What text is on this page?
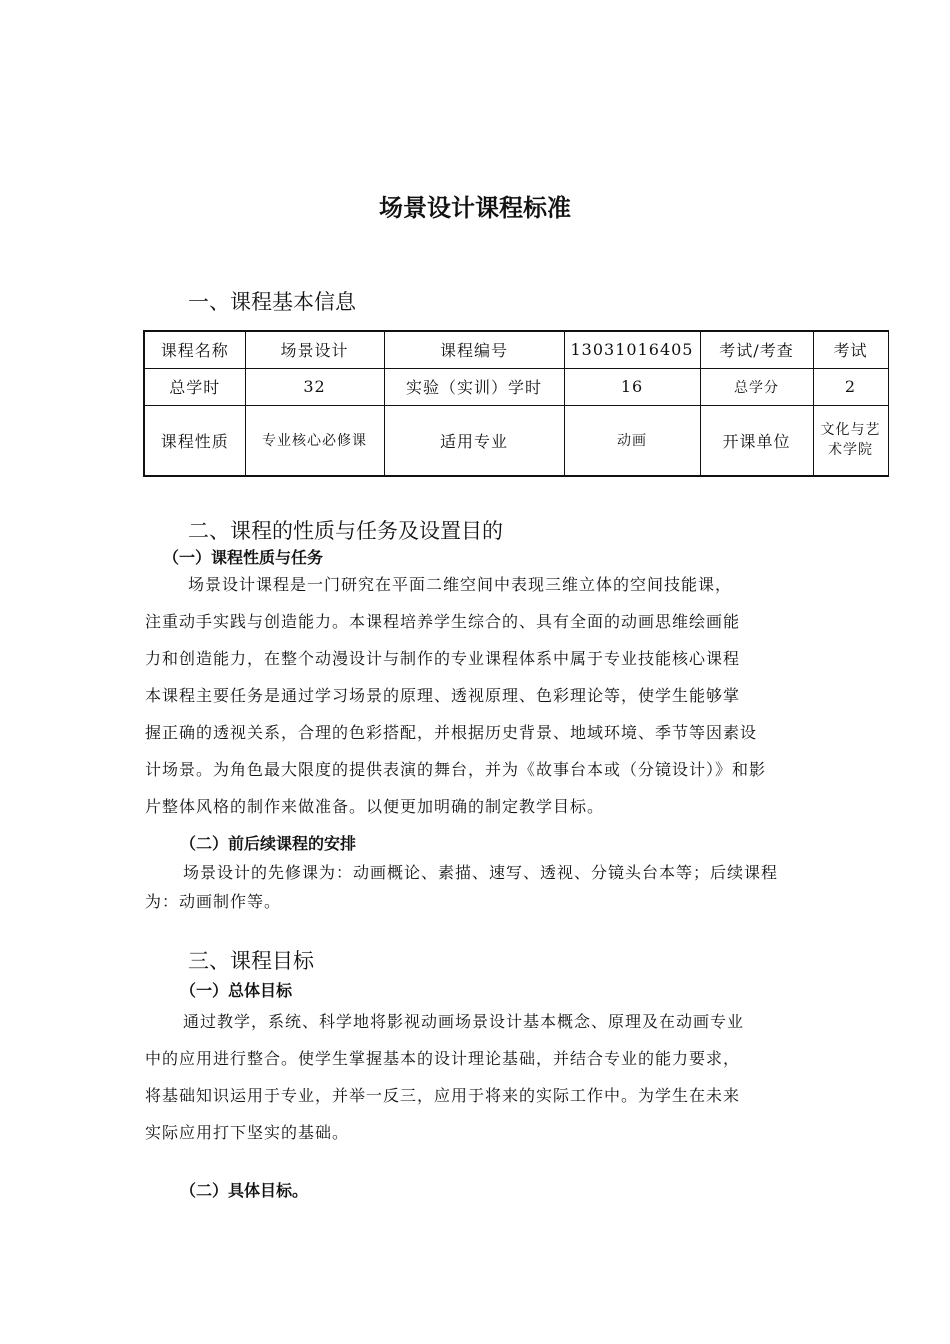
场景设计课程标准
一、课程基本信息
课程名称	场景设计	课程编号	13031016405	考试/考查	考试
总学时	32	实验（实训）学时	16	总学分	2
课程性质	专业核心必修课	适用专业	动画	开课单位	文化与艺术学院
二、课程的性质与任务及设置目的
（一）课程性质与任务
场景设计课程是一门研究在平面二维空间中表现三维立体的空间技能课，
注重动手实践与创造能力。本课程培养学生综合的、具有全面的动画思维绘画能
力和创造能力，在整个动漫设计与制作的专业课程体系中属于专业技能核心课程
本课程主要任务是通过学习场景的原理、透视原理、色彩理论等，使学生能够掌
握正确的透视关系，合理的色彩搭配，并根据历史背景、地域环境、季节等因素设
计场景。为角色最大限度的提供表演的舞台，并为《故事台本或（分镜设计）》和影
片整体风格的制作来做准备。以便更加明确的制定教学目标。
（二）前后续课程的安排
场景设计的先修课为：动画概论、素描、速写、透视、分镜头台本等；后续课程
为：动画制作等。
三、课程目标
（一）总体目标
通过教学，系统、科学地将影视动画场景设计基本概念、原理及在动画专业
中的应用进行整合。使学生掌握基本的设计理论基础，并结合专业的能力要求，
将基础知识运用于专业，并举一反三，应用于将来的实际工作中。为学生在未来
实际应用打下坚实的基础。
（二）具体目标。
